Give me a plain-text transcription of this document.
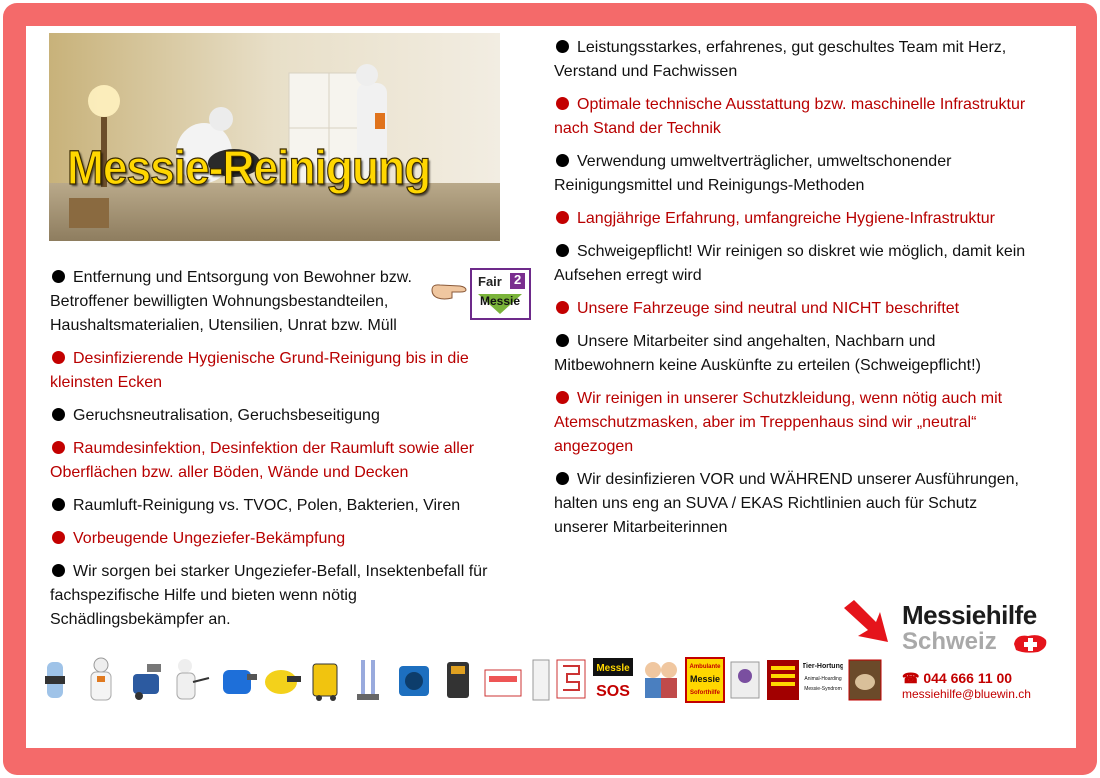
Messie-Reinigung
Entfernung und Entsorgung von Bewohner bzw. Betroffener bewilligten Wohnungsbestandteilen, Haushaltsmaterialien, Utensilien, Unrat bzw. Müll
Desinfizierende Hygienische Grund-Reinigung bis in die kleinsten Ecken
Geruchsneutralisation, Geruchsbeseitigung
Raumdesinfektion, Desinfektion der Raumluft sowie aller Oberflächen bzw. aller Böden, Wände und Decken
Raumluft-Reinigung vs. TVOC, Polen, Bakterien, Viren
Vorbeugende Ungeziefer-Bekämpfung
Wir sorgen bei starker Ungeziefer-Befall, Insektenbefall für fachspezifische Hilfe und bieten wenn nötig Schädlingsbekämpfer an.
Fair 2
Messie
Leistungsstarkes, erfahrenes, gut geschultes Team mit Herz, Verstand und Fachwissen
Optimale technische Ausstattung bzw. maschinelle Infrastruktur nach Stand der Technik
Verwendung umweltverträglicher, umweltschonender Reinigungsmittel und Reinigungs-Methoden
Langjährige Erfahrung, umfangreiche Hygiene-Infrastruktur
Schweigepflicht! Wir reinigen so diskret wie möglich, damit kein Aufsehen erregt wird
Unsere Fahrzeuge sind neutral und NICHT beschriftet
Unsere Mitarbeiter sind angehalten, Nachbarn und Mitbewohnern keine Auskünfte zu erteilen (Schweigepflicht!)
Wir reinigen in unserer Schutzkleidung, wenn nötig auch mit Atemschutzmasken, aber im Treppenhaus sind wir „neutral“ angezogen
Wir desinfizieren VOR und WÄHREND unserer Ausführungen, halten uns eng an SUVA / EKAS Richtlinien auch für Schutz unserer Mitarbeiterinnen
Messiehilfe
Schweiz
☎ 044 666 11 00
messiehilfe@bluewin.ch
Messle
SOS
Ambulante
Messie
Soforthilfe
Tier-Hortung
Animal-Hoarding
Messie-Syndrom
